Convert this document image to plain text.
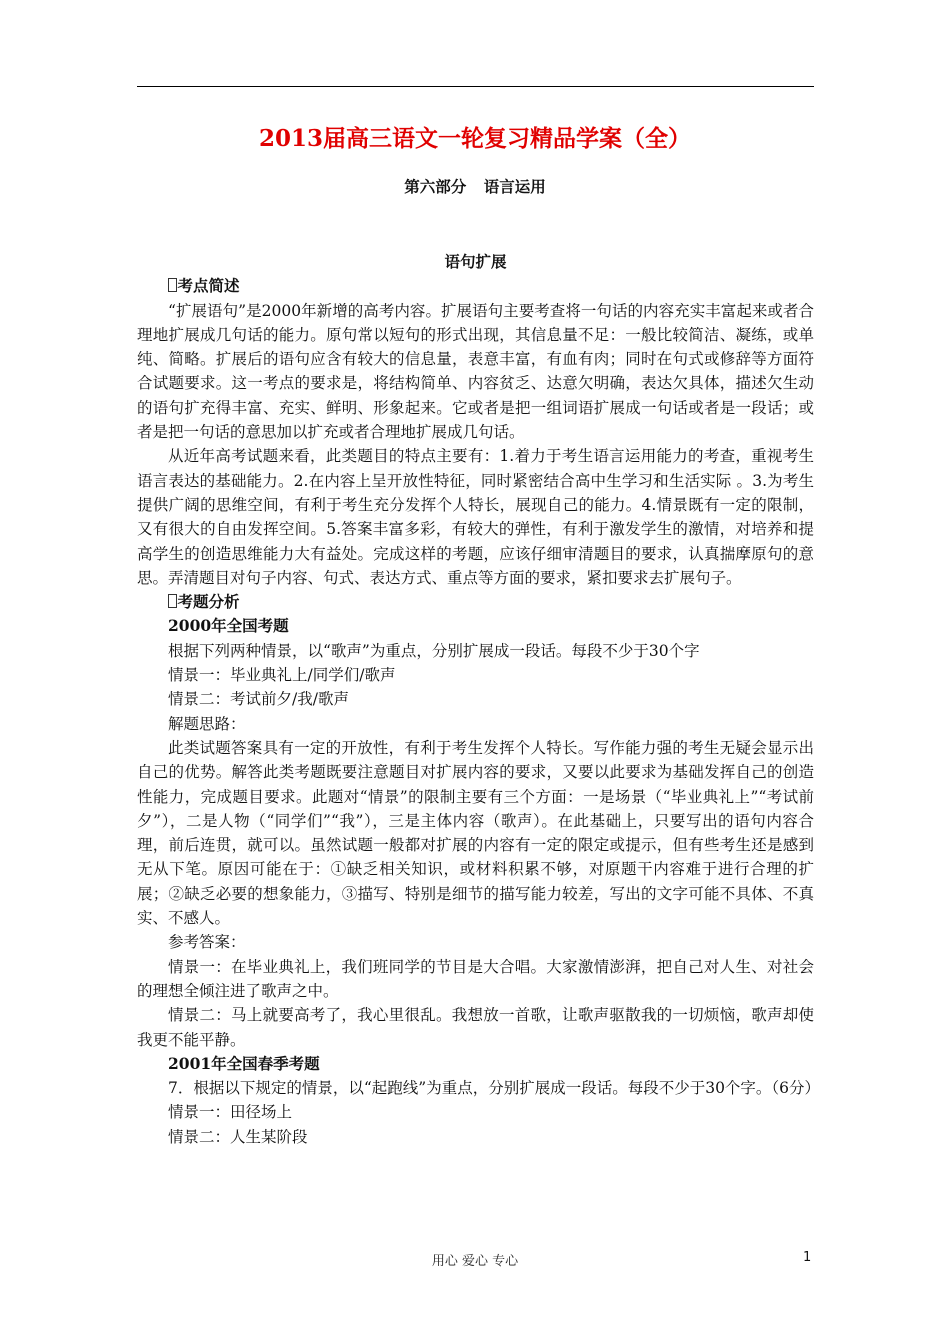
2013届高三语文一轮复习精品学案（全）
第六部分 语言运用

语句扩展

考点简述

“扩展语句”是2000年新增的高考内容。扩展语句主要考查将一句话的内容充实丰富起来或者合理地扩展成几句话的能力。原句常以短句的形式出现，其信息量不足：一般比较简洁、凝练，或单纯、简略。扩展后的语句应含有较大的信息量，表意丰富，有血有肉；同时在句式或修辞等方面符合试题要求。这一考点的要求是，将结构简单、内容贫乏、达意欠明确，表达欠具体，描述欠生动的语句扩充得丰富、充实、鲜明、形象起来。它或者是把一组词语扩展成一句话或者是一段话；或者是把一句话的意思加以扩充或者合理地扩展成几句话。

从近年高考试题来看，此类题目的特点主要有：1.着力于考生语言运用能力的考查，重视考生语言表达的基础能力。2.在内容上呈开放性特征，同时紧密结合高中生学习和生活实际 。3.为考生提供广阔的思维空间，有利于考生充分发挥个人特长，展现自己的能力。4.情景既有一定的限制，又有很大的自由发挥空间。5.答案丰富多彩，有较大的弹性，有利于激发学生的激情，对培养和提高学生的创造思维能力大有益处。完成这样的考题，应该仔细审清题目的要求，认真揣摩原句的意思。弄清题目对句子内容、句式、表达方式、重点等方面的要求，紧扣要求去扩展句子。

考题分析

2000年全国考题

根据下列两种情景，以“歌声”为重点，分别扩展成一段话。每段不少于30个字

情景一：毕业典礼上/同学们/歌声

情景二：考试前夕/我/歌声

解题思路：

此类试题答案具有一定的开放性，有利于考生发挥个人特长。写作能力强的考生无疑会显示出自己的优势。解答此类考题既要注意题目对扩展内容的要求，又要以此要求为基础发挥自己的创造性能力，完成题目要求。此题对“情景”的限制主要有三个方面：一是场景（“毕业典礼上”“考试前夕”），二是人物（“同学们”“我”），三是主体内容（歌声）。在此基础上，只要写出的语句内容合理，前后连贯，就可以。虽然试题一般都对扩展的内容有一定的限定或提示，但有些考生还是感到无从下笔。原因可能在于：①缺乏相关知识，或材料积累不够，对原题干内容难于进行合理的扩展；②缺乏必要的想象能力，③描写、特别是细节的描写能力较差，写出的文字可能不具体、不真实、不感人。

参考答案：

情景一：在毕业典礼上，我们班同学的节目是大合唱。大家激情澎湃，把自己对人生、对社会的理想全倾注进了歌声之中。

情景二：马上就要高考了，我心里很乱。我想放一首歌，让歌声驱散我的一切烦恼，歌声却使我更不能平静。

2001年全国春季考题

7．根据以下规定的情景，以“起跑线”为重点，分别扩展成一段话。每段不少于30个字。（6分）

情景一：田径场上

情景二：人生某阶段

用心 爱心 专心	1
